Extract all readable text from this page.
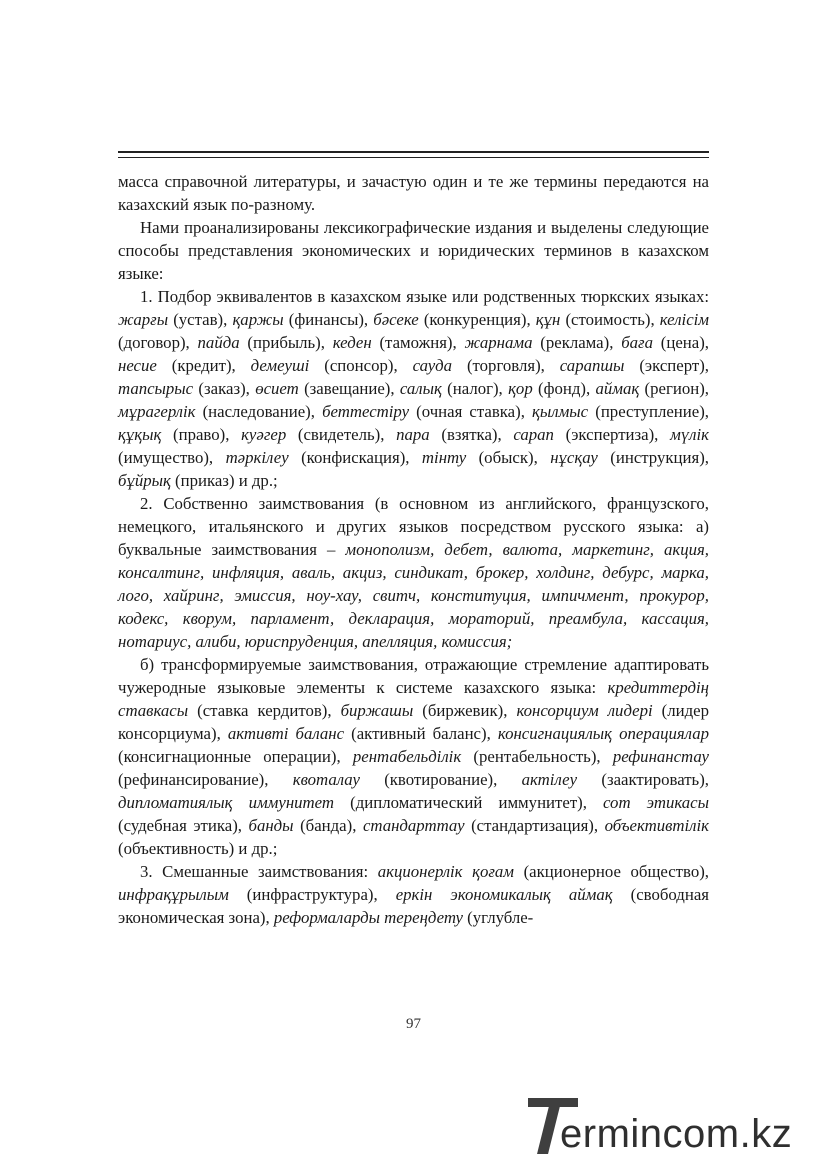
масса справочной литературы, и зачастую один и те же термины передаются на казахский язык по-разному.

Нами проанализированы лексикографические издания и выделены следующие способы представления экономических и юридических терминов в казахском языке:

1. Подбор эквивалентов в казахском языке или родственных тюркских языках: жарғы (устав), қаржы (финансы), бәсеке (конкуренция), құн (стоимость), келісім (договор), пайда (прибыль), кеден (таможня), жарнама (реклама), баға (цена), несие (кредит), демеуші (спонсор), сауда (торговля), сарапшы (эксперт), тапсырыс (заказ), өсиет (завещание), салық (налог), қор (фонд), аймақ (регион), мұрагерлік (наследование), беттестіру (очная ставка), қылмыс (преступление), құқық (право), куәгер (свидетель), пара (взятка), сарап (экспертиза), мүлік (имущество), тәркілеу (конфискация), тінту (обыск), нұсқау (инструкция), бұйрық (приказ) и др.;

2. Собственно заимствования (в основном из английского, французского, немецкого, итальянского и других языков посредством русского языка: а) буквальные заимствования – монополизм, дебет, валюта, маркетинг, акция, консалтинг, инфляция, аваль, акциз, синдикат, брокер, холдинг, дебурс, марка, лого, хайринг, эмиссия, ноу-хау, свитч, конституция, импичмент, прокурор, кодекс, кворум, парламент, декларация, мораторий, преамбула, кассация, нотариус, алиби, юриспруденция, апелляция, комиссия;

б) трансформируемые заимствования, отражающие стремление адаптировать чужеродные языковые элементы к системе казахского языка: кредиттердің ставкасы (ставка кердитов), биржашы (биржевик), консорциум лидері (лидер консорциума), активті баланс (активный баланс), консигнациялық операциялар (консигнационные операции), рентабельділік (рентабельность), рефинанстау (рефинансирование), квоталау (квотирование), актілеу (заактировать), дипломатиялық иммунитет (дипломатический иммунитет), сот этикасы (судебная этика), банды (банда), стандарттау (стандартизация), объективтілік (объективность) и др.;

3. Смешанные заимствования: акционерлік қоғам (акционерное общество), инфрақұрылым (инфраструктура), еркін экономикалық аймақ (свободная экономическая зона), реформаларды тереңдету (углубле-

97
ermincom.kz
